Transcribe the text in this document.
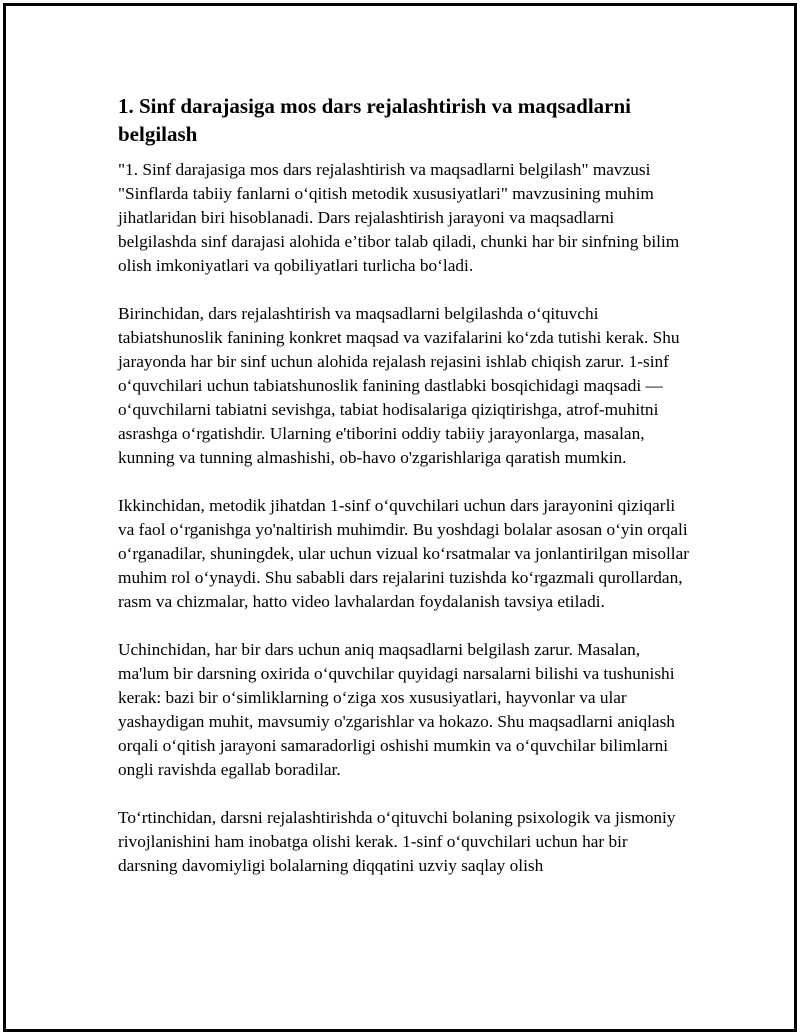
1. Sinf darajasiga mos dars rejalashtirish va maqsadlarni belgilash

"1. Sinf darajasiga mos dars rejalashtirish va maqsadlarni belgilash" mavzusi "Sinflarda tabiiy fanlarni o‘qitish metodik xususiyatlari" mavzusining muhim jihatlaridan biri hisoblanadi. Dars rejalashtirish jarayoni va maqsadlarni belgilashda sinf darajasi alohida e’tibor talab qiladi, chunki har bir sinfning bilim olish imkoniyatlari va qobiliyatlari turlicha bo‘ladi.

Birinchidan, dars rejalashtirish va maqsadlarni belgilashda o‘qituvchi tabiatshunoslik fanining konkret maqsad va vazifalarini ko‘zda tutishi kerak. Shu jarayonda har bir sinf uchun alohida rejalash rejasini ishlab chiqish zarur. 1-sinf o‘quvchilari uchun tabiatshunoslik fanining dastlabki bosqichidagi maqsadi — o‘quvchilarni tabiatni sevishga, tabiat hodisalariga qiziqtirishga, atrof-muhitni asrashga o‘rgatishdir. Ularning e'tiborini oddiy tabiiy jarayonlarga, masalan, kunning va tunning almashishi, ob-havo o'zgarishlariga qaratish mumkin.

Ikkinchidan, metodik jihatdan 1-sinf o‘quvchilari uchun dars jarayonini qiziqarli va faol o‘rganishga yo'naltirish muhimdir. Bu yoshdagi bolalar asosan o‘yin orqali o‘rganadilar, shuningdek, ular uchun vizual ko‘rsatmalar va jonlantirilgan misollar muhim rol o‘ynaydi. Shu sababli dars rejalarini tuzishda ko‘rgazmali qurollardan, rasm va chizmalar, hatto video lavhalardan foydalanish tavsiya etiladi.

Uchinchidan, har bir dars uchun aniq maqsadlarni belgilash zarur. Masalan, ma'lum bir darsning oxirida o‘quvchilar quyidagi narsalarni bilishi va tushunishi kerak: bazi bir o‘simliklarning o‘ziga xos xususiyatlari, hayvonlar va ular yashaydigan muhit, mavsumiy o'zgarishlar va hokazo. Shu maqsadlarni aniqlash orqali o‘qitish jarayoni samaradorligi oshishi mumkin va o‘quvchilar bilimlarni ongli ravishda egallab boradilar.

To‘rtinchidan, darsni rejalashtirishda o‘qituvchi bolaning psixologik va jismoniy rivojlanishini ham inobatga olishi kerak. 1-sinf o‘quvchilari uchun har bir darsning davomiyligi bolalarning diqqatini uzviy saqlay olish
